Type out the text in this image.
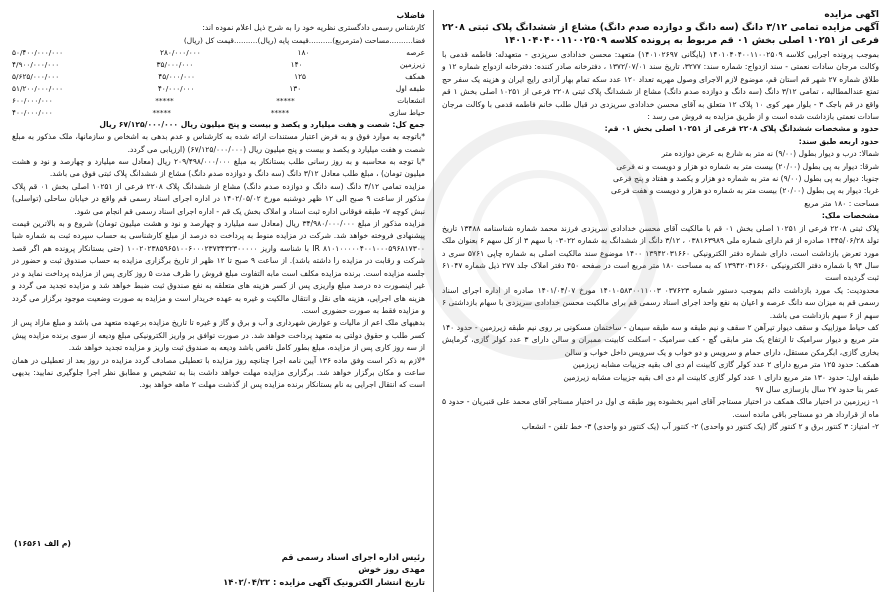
آگهی مزایده
آگهی مزایده تمامی ۳/۱۲ دانگ (سه دانگ و دوازده صدم دانگ) مشاع از ششدانگ پلاک ثبتی ۲۲۰۸ فرعی از ۱۰۲۵۱ اصلی بخش ۰۱ قم مربوط به پرونده کلاسه ۱۴۰۱۰۴۰۴۰۰۱۱۰۰۲۵۰۹

بموجب پرونده اجرایی کلاسه ۱۴۰۱۰۴۰۴۰۰۱۱۰۰۲۵۰۹ (بایگانی ۱۴۰۱۰۲۶۹۷) متعهد: محسن خدادادی سریزدی - متعهدله: فاطمه قدمی با وکالت مرجان سادات نعمتی - سند ازدواج: شماره سند: ۳۲۷۷، تاریخ سند ۱۳۷۲/۰۷/۰۱ ، دفترخانه صادر کننده: دفترخانه ازدواج شماره ۱۲ و طلاق شماره ۲۷ شهر قم استان قم، موضوع لازم الاجرای وصول مهریه تعداد ۱۲۰ عدد سکه تمام بهار آزادی رایج ایران و هزینه یک سفر حج تمتع عندالمطالبه ، تمامی ۳/۱۲ دانگ (سه دانگ و دوازده صدم دانگ) مشاع از ششدانگ پلاک ثبتی ۲۲۰۸ فرعی از ۱۰۲۵۱ اصلی بخش ۱ قم واقع در قم باجک ۳ - بلوار مهر کوی ۱۰ پلاک ۱۲ متعلق به آقای محسن خدادادی سریزدی در قبال طلب خانم فاطمه قدمی با وکالت مرجان سادات نعمتی بازداشت شده است و از طریق مزایده به فروش می رسد :

حدود و مشخصات ششدانگ پلاک ۲۲۰۸ فرعی از ۱۰۲۵۱ اصلی بخش ۰۱ قم:

حدود اربعه طبق سند:

شمالا: درب و دیوار بطول (۹/۰۰) نه متر به شارع به عرض دوازده متر

شرقا: دیوار به پی بطول (۲۰/۰۰) بیست متر به شماره دو هزار و دویست و نه فرعی

جنوبا: دیوار به پی بطول (۹/۰۰) نه متر به شماره دو هزار و یکصد و هفتاد و پنج فرعی

غربا: دیوار به پی بطول (۲۰/۰۰) بیست متر به شماره دو هزار و دویست و هفت فرعی

مساحت : ۱۸۰ متر مربع

مشخصات ملک:

پلاک ثبتی ۲۲۰۸ فرعی از ۱۰۲۵۱ اصلی بخش ۰۱ قم با مالکیت آقای محسن خدادادی سریزدی فرزند محمد شماره شناسنامه ۱۳۴۸۸ تاریخ تولد ۱۳۴۵/۰۶/۲۸ صادره از قم دارای شماره ملی ۰۳۸۱۶۳۹۸۹ ، ۳/۱۲ دانگ از ششدانگ به شماره ۰۳۰۲۲ با سهم ۳ از کل سهم ۶ بعنوان ملک مورد تعرض بازداشت است، دارای شماره دفتر الکترونیکی ۱۳۹۴۲۰۳۱۶۶۰ ۱۴۰۰ موضوع سند مالکیت اصلی به شماره چاپی ۵۷۶۱ سری د سال ۹۴ با شماره دفتر الکترونیکی ۱۳۹۴۲۰۳۱۶۶۰ که به مساحت ۱۸۰ متر مربع است در صفحه ۴۵۰ دفتر املاک جلد ۲۷۷ ذیل شماره ۶۱۰۴۷ ثبت گردیده است

محدودیت: یک مورد بازداشت دائم بموجب دستور شماره ۰۳۷۶۲۳ ۱۴۰۱۰۵۸۳۰۰۱۱۰۰۳ مورخ ۱۴۰۱/۰۴/۰۷ صادره از اداره اجرای اسناد رسمی قم به میزان سه دانگ عرصه و اعیان به نفع واحد اجرای اسناد رسمی قم برای مالکیت محسن خدادادی سریزدی با سهام بازداشتی ۶ سهم از ۶ سهم بازداشت می باشد.

کف حیاط موزاییک و سقف دیوار تیرآهن ۲ سقف و نیم طبقه و سه طبقه سیمان - ساختمان مسکونی بر روی نیم طبقه زیرزمین - حدود ۱۴۰ متر مربع و دیوار سرامیک تا ارتفاع یک متر مابقی گچ - کف سرامیک - اسکلت کابینت ممبران و سالن دارای ۳ عدد کولر گازی، گرمایش بخاری گازی، ابگرمکن مستقل، دارای حمام و سرویس و دو خواب و یک سرویس داخل خواب و سالن

همکف: حدود ۱۲۵ متر مربع دارای ۲ عدد کولر گازی کابینت ام دی اف بقیه جزییات مشابه زیرزمین

طبقه اول: حدود ۱۳۰ متر مربع دارای ۱ عدد کولر گازی کابینت ام دی اف بقیه جزییات مشابه زیرزمین

عمر بنا حدود ۲۷ سال بازسازی سال ۹۷

۱- زیرزمین در اختیار مالک همکف در اختیار مستاجر آقای امیر بخشوده پور طبقه ی اول در اختیار مستاجر آقای محمد علی قنبریان - حدود ۵ ماه از قرارداد هر دو مستاجر باقی مانده است.

۲- امتیاز: ۳ کنتور برق و ۲ کنتور گاز (یک کنتور دو واحدی) ۲- کنتور آب (یک کنتور دو واحدی) ۳- خط تلفن - انشعاب

فاضلاب

کارشناس رسمی دادگستری نظریه خود را به شرح ذیل اعلام نموده اند:

فضا..........مساحت (مترمربع)..........قیمت پایه (ریال)..........قیمت کل (ریال)
عرصه
۱۸۰
۲۸۰/۰۰۰/۰۰۰
۵۰/۴۰۰/۰۰۰/۰۰۰
زیرزمین
۱۴۰
۳۵/۰۰۰/۰۰۰
۴/۹۰۰/۰۰۰/۰۰۰
همکف
۱۲۵
۴۵/۰۰۰/۰۰۰
۵/۶۲۵/۰۰۰/۰۰۰
طبقه اول
۱۳۰
۴۰/۰۰۰/۰۰۰
۵۱/۲۰۰/۰۰۰/۰۰۰
انشعابات
*****
*****
۶۰۰/۰۰۰/۰۰۰
حیاط سازی
*****
*****
۴۰۰/۰۰۰/۰۰۰

جمع کل: شصت و هفت میلیارد و یکصد و بیست و پنج میلیون ریال ۶۷/۱۲۵/۰۰۰/۰۰۰ ریال

*باتوجه به موارد فوق و به فرض اعتبار مستندات ارائه شده به کارشناس و عدم بدهی به اشخاص و سازمانها، ملک مذکور به مبلغ شصت و هفت میلیارد و یکصد و بیست و پنج میلیون ریال (۶۷/۱۲۵/۰۰۰/۰۰۰) (ارزیابی می گردد.

*با توجه به محاسبه و به روز رسانی طلب بستانکار به مبلغ ۲۰۹/۴۹۸/۰۰۰/۰۰۰ ریال (معادل سه میلیارد و چهارصد و نود و هشت میلیون تومان) ، مبلغ طلب معادل ۳/۱۲ دانگ (سه دانگ و دوازده صدم دانگ) مشاع از ششدانگ پلاک ثبتی فوق می باشد.

مزایده تمامی ۳/۱۲ دانگ (سه دانگ و دوازده صدم دانگ) مشاع از ششدانگ پلاک ۲۲۰۸ فرعی از ۱۰۲۵۱ اصلی بخش ۰۱ قم پلاک مذکور از ساعت ۹ صبح الی ۱۲ ظهر دوشنبه مورخ ۱۴۰۲/۰۵/۰۲ در اداره اجرای اسناد رسمی قم واقع در خیابان ساحلی (تواسلی) نبش کوچه ۷- طبقه فوقانی اداره ثبت اسناد و املاک بخش یک قم - اداره اجرای اسناد رسمی قم انجام می شود.

مزایده مذکور از مبلغ ۳۴/۹۸۰/۰۰۰/۰۰۰ ریال (معادل سه میلیارد و چهارصد و نود و هشت میلیون تومان) شروع و به بالاترین قیمت پیشنهادی فروخته خواهد شد. شرکت در مزایده منوط به پرداخت ده درصد از مبلغ کارشناسی به حساب سپرده ثبت به شماره شبا IR ۸۱۰۱۰۰۰۰۰۴۰۰۱۰۰۰۵۹۶۸۱۷۳۰۰ با شناسه واریز ۱۰۰۲۰۲۳۸۵۹۶۵۱۰۰۶۰۰۰۲۳۷۳۴۳۲۳۰۰۰۰۰ (حتی بستانکار پرونده هم اگر قصد شرکت و رقابت در مزایده را داشته باشد). از ساعت ۹ صبح تا ۱۲ ظهر از تاریخ برگزاری مزایده به حساب صندوق ثبت و حضور در جلسه مزایده است. برنده مزایده مکلف است مابه التفاوت مبلغ فروش را ظرف مدت ۵ روز کاری پس از مزایده پرداخت نماید و در غیر اینصورت ده درصد مبلغ واریزی پس از کسر هزینه های متعلقه به نفع صندوق ثبت ضبط خواهد شد و مزایده تجدید می گردد و هزینه های اجرایی، هزینه های نقل و انتقال مالکیت و غیره به عهده خریدار است و مزایده به صورت وضعیت موجود برگزار می گردد و مزایده فقط به صورت حضوری است.

بدهیهای ملک اعم از مالیات و عوارض شهرداری و آب و برق و گاز و غیره تا تاریخ مزایده برعهده متعهد می باشد و مبلغ مازاد پس از کسر طلب و حقوق دولتی به متعهد پرداخت خواهد شد. در صورت توافق بر واریز الکترونیکی مبلغ ودیعه از سوی برنده مزایده پیش از سه روز کاری پس از مزایده، مبلغ بطور کامل ناقص باشد ودیعه به صندوق ثبت واریز و مزایده تجدید خواهد شد.

*لازم به ذکر است وفق ماده ۱۳۶ آیین نامه اجرا چنانچه روز مزایده با تعطیلی مصادف گردد مزایده در روز بعد از تعطیلی در همان ساعت و مکان برگزار خواهد شد. برگزاری مزایده مهلت خواهد داشت بنا به تشخیص و مطابق نظر اجرا جلوگیری نمایید: بدیهی است که انتقال اجرایی به نام بستانکار برنده مزایده پس از گذشت مهلت ۲ ماهه خواهد بود.

(م الف ۱۶۵۶۱)
رئیس اداره اجرای اسناد رسمی قم
مهدی روز خوش
تاریخ انتشار الکترونیک آگهی مزایده : ۱۴۰۲/۰۴/۲۲
